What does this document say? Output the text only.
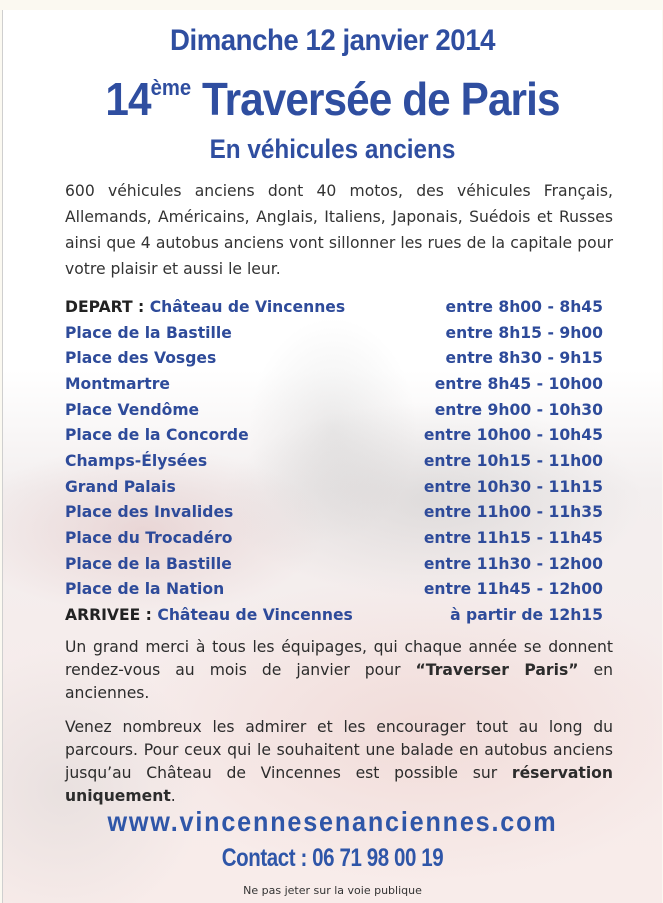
Dimanche 12 janvier 2014
14ème Traversée de Paris
En véhicules anciens
600 véhicules anciens dont 40 motos, des véhicules Français, Allemands, Américains, Anglais, Italiens, Japonais, Suédois et Russes ainsi que 4 autobus anciens vont sillonner les rues de la capitale pour votre plaisir et aussi le leur.
DEPART : Château de Vincennes	entre 8h00 - 8h45
Place de la Bastille	entre 8h15 - 9h00
Place des Vosges	entre 8h30 - 9h15
Montmartre	entre 8h45 - 10h00
Place Vendôme	entre 9h00 - 10h30
Place de la Concorde	entre 10h00 - 10h45
Champs-Élysées	entre 10h15 - 11h00
Grand Palais	entre 10h30 - 11h15
Place des Invalides	entre 11h00 - 11h35
Place du Trocadéro	entre 11h15 - 11h45
Place de la Bastille	entre 11h30 - 12h00
Place de la Nation	entre 11h45 - 12h00
ARRIVEE : Château de Vincennes	à partir de 12h15
Un grand merci à tous les équipages, qui chaque année se donnent rendez-vous au mois de janvier pour “Traverser Paris” en anciennes.
Venez nombreux les admirer et les encourager tout au long du parcours. Pour ceux qui le souhaitent une balade en autobus anciens jusqu’au Château de Vincennes est possible sur réservation uniquement.
www.vincennesenanciennes.com
Contact : 06 71 98 00 19
Ne pas jeter sur la voie publique
